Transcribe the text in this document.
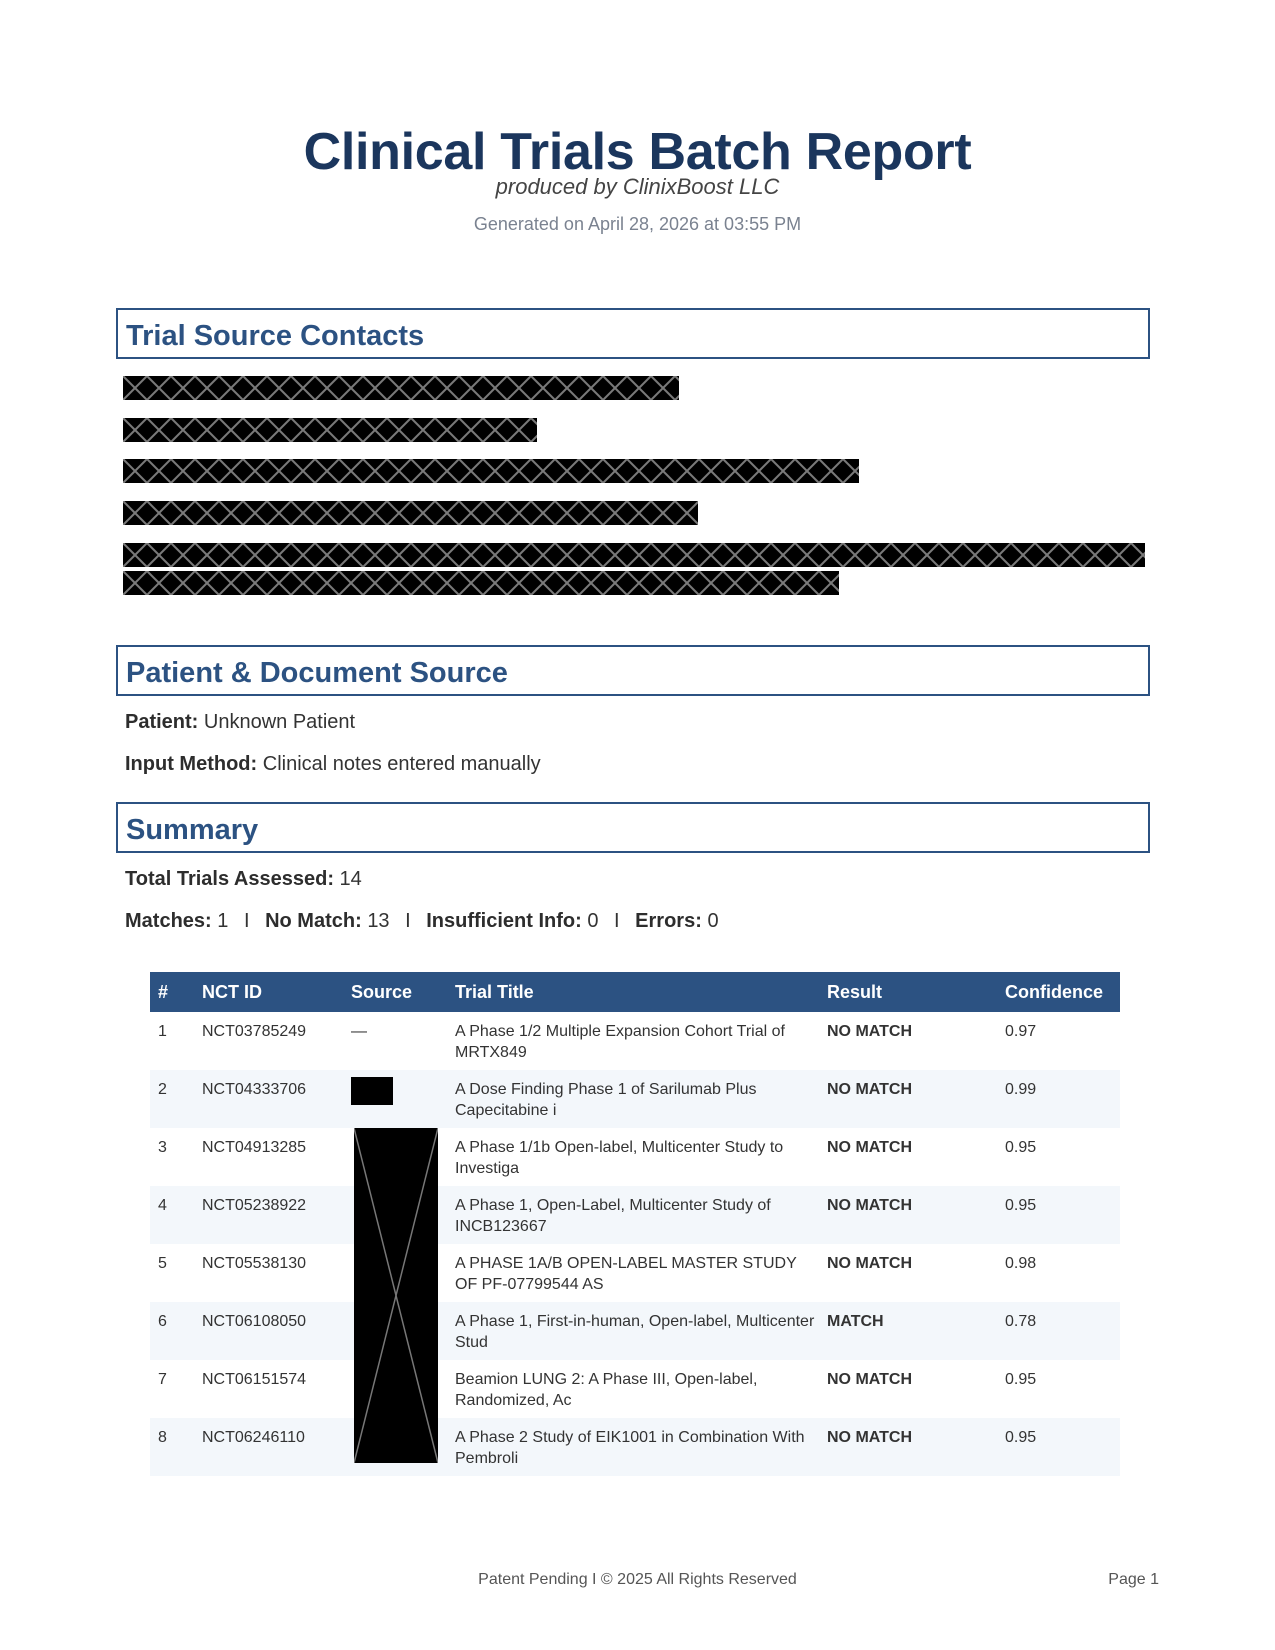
Clinical Trials Batch Report
produced by ClinixBoost LLC
Generated on April 28, 2026 at 03:55 PM
Trial Source Contacts
Patient & Document Source
Patient: Unknown Patient
Input Method: Clinical notes entered manually
Summary
Total Trials Assessed: 14
Matches: 1 I No Match: 13 I Insufficient Info: 0 I Errors: 0
#	NCT ID	Source	Trial Title	Result	Confidence
1	NCT03785249	—	A Phase 1/2 Multiple Expansion Cohort Trial of MRTX849	NO MATCH	0.97
2	NCT04333706		A Dose Finding Phase 1 of Sarilumab Plus Capecitabine i	NO MATCH	0.99
3	NCT04913285		A Phase 1/1b Open-label, Multicenter Study to Investiga	NO MATCH	0.95
4	NCT05238922		A Phase 1, Open-Label, Multicenter Study of INCB123667	NO MATCH	0.95
5	NCT05538130		A PHASE 1A/B OPEN-LABEL MASTER STUDY OF PF-07799544 AS	NO MATCH	0.98
6	NCT06108050		A Phase 1, First-in-human, Open-label, Multicenter Stud	MATCH	0.78
7	NCT06151574		Beamion LUNG 2: A Phase III, Open-label, Randomized, Ac	NO MATCH	0.95
8	NCT06246110		A Phase 2 Study of EIK1001 in Combination With Pembroli	NO MATCH	0.95
Patent Pending I © 2025 All Rights Reserved	Page 1
